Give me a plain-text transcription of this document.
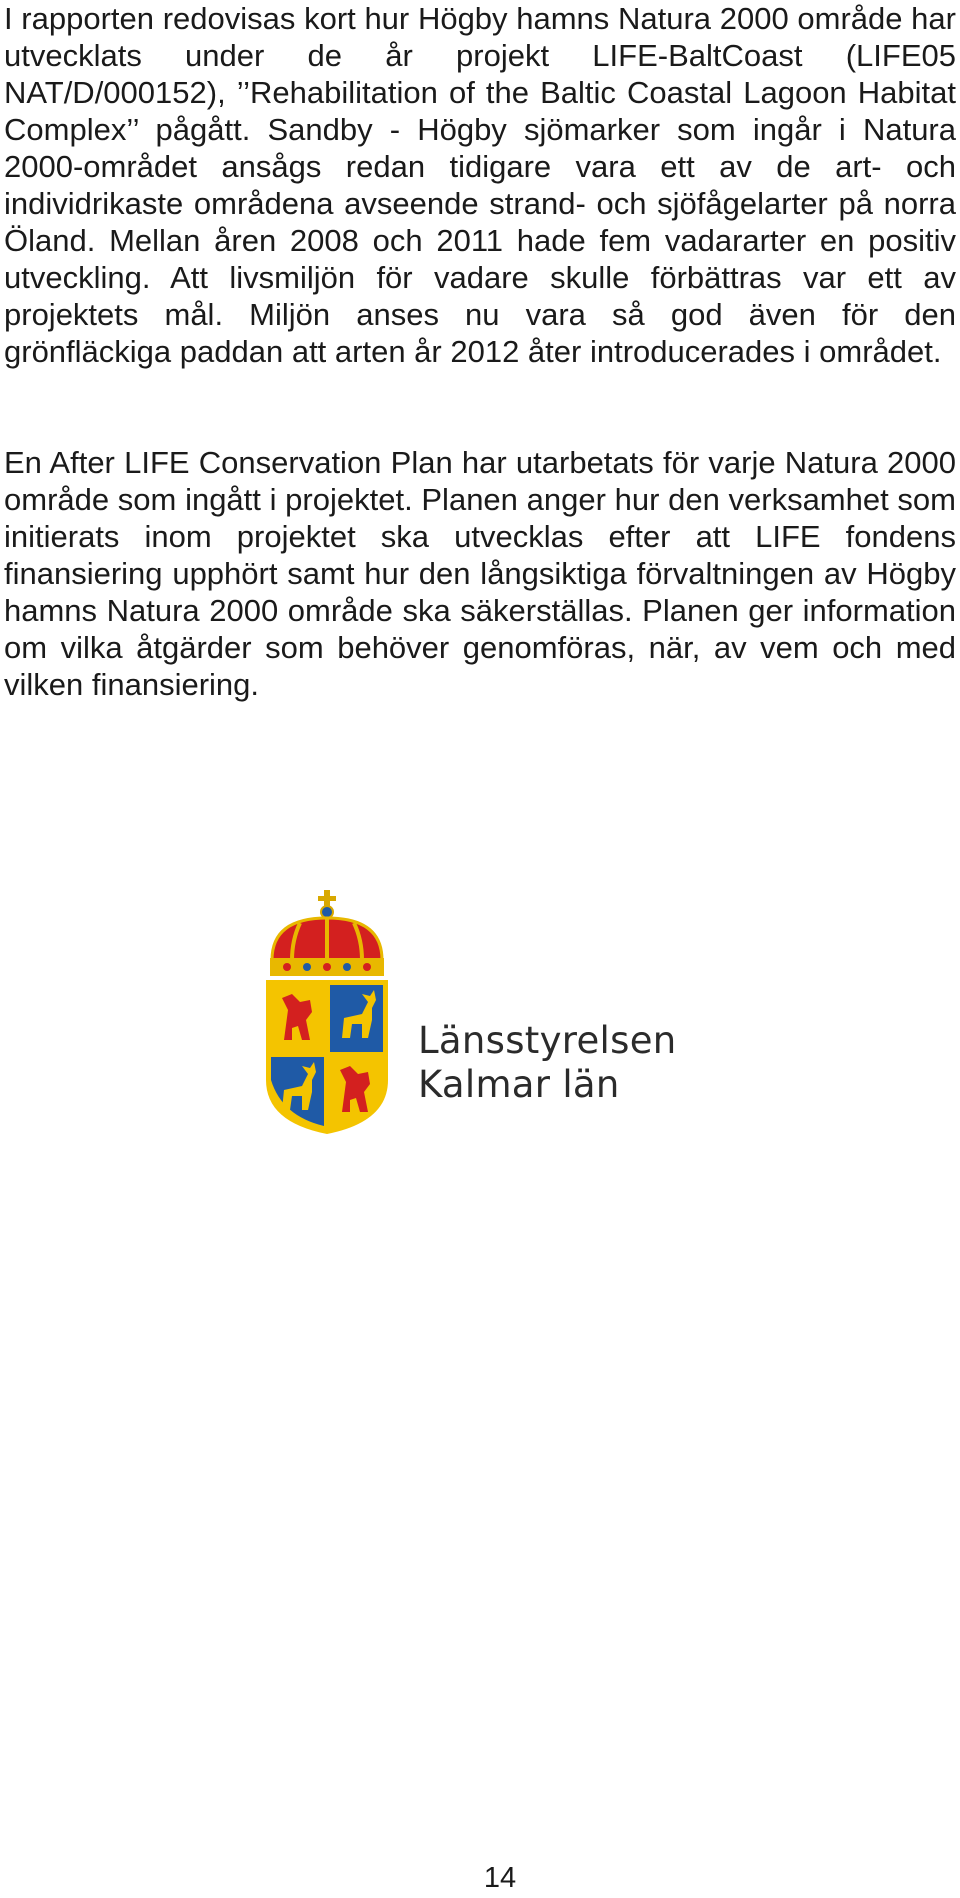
I rapporten redovisas kort hur Högby hamns Natura 2000 område har utvecklats under de år projekt LIFE-BaltCoast (LIFE05 NAT/D/000152), ’’Rehabilitation of the Baltic Coastal Lagoon Habitat Complex’’ pågått. Sandby - Högby sjömarker som ingår i Natura 2000-området ansågs redan tidigare vara ett av de art- och individrikaste områdena avseende strand- och sjöfågelarter på norra Öland. Mellan åren 2008 och 2011 hade fem vadararter en positiv utveckling. Att livsmiljön för vadare skulle förbättras var ett av projektets mål. Miljön anses nu vara så god även för den grönfläckiga paddan att arten år 2012 åter introducerades i området.

En After LIFE Conservation Plan har utarbetats för varje Natura 2000 område som ingått i projektet. Planen anger hur den verksamhet som initierats inom projektet ska utvecklas efter att LIFE fondens finansiering upphört samt hur den långsiktiga förvaltningen av Högby hamns Natura 2000 område ska säkerställas. Planen ger information om vilka åtgärder som behöver genomföras, när, av vem och med vilken finansiering.

Länsstyrelsen
Kalmar län
14
